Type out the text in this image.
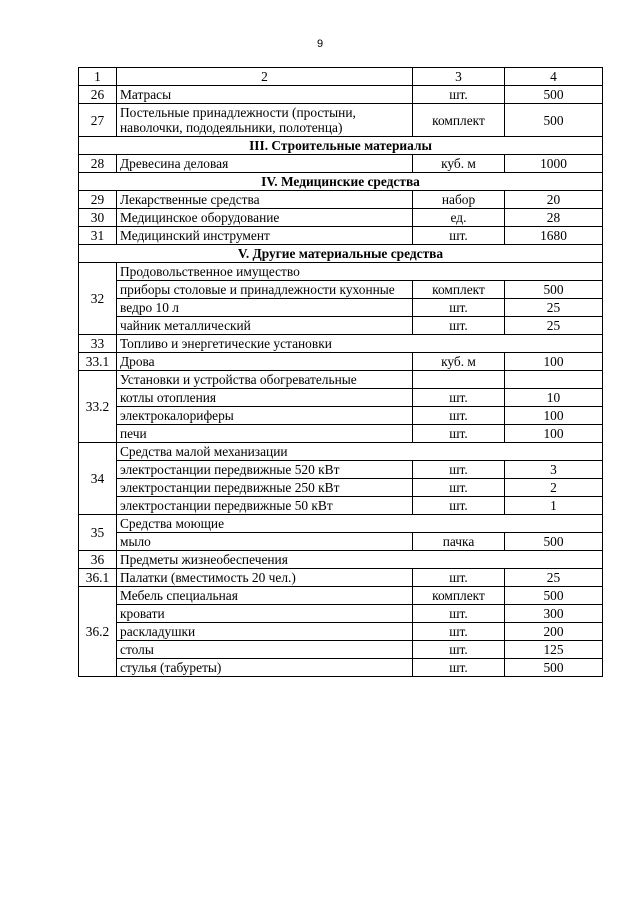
9
1	2	3	4
26	Матрасы	шт.	500
27	Постельные принадлежности (простыни, наволочки, пододеяльники, полотенца)	комплект	500
III. Строительные материалы			
28	Древесина деловая	куб. м	1000
IV. Медицинские средства			
29	Лекарственные средства	набор	20
30	Медицинское оборудование	ед.	28
31	Медицинский инструмент	шт.	1680
V. Другие материальные средства			
32	Продовольственное имущество		
	приборы столовые и принадлежности кухонные	комплект	500
	ведро 10 л	шт.	25
	чайник металлический	шт.	25
33	Топливо и энергетические установки		
33.1	Дрова	куб. м	100
33.2	Установки и устройства обогревательные		
	котлы отопления	шт.	10
	электрокалориферы	шт.	100
	печи	шт.	100
34	Средства малой механизации		
	электростанции передвижные 520 кВт	шт.	3
	электростанции передвижные 250 кВт	шт.	2
	электростанции передвижные 50 кВт	шт.	1
35	Средства моющие		
	мыло	пачка	500
36	Предметы жизнеобеспечения		
36.1	Палатки (вместимость 20 чел.)	шт.	25
36.2	Мебель специальная	комплект	500
	кровати	шт.	300
	раскладушки	шт.	200
	столы	шт.	125
	стулья (табуреты)	шт.	500
